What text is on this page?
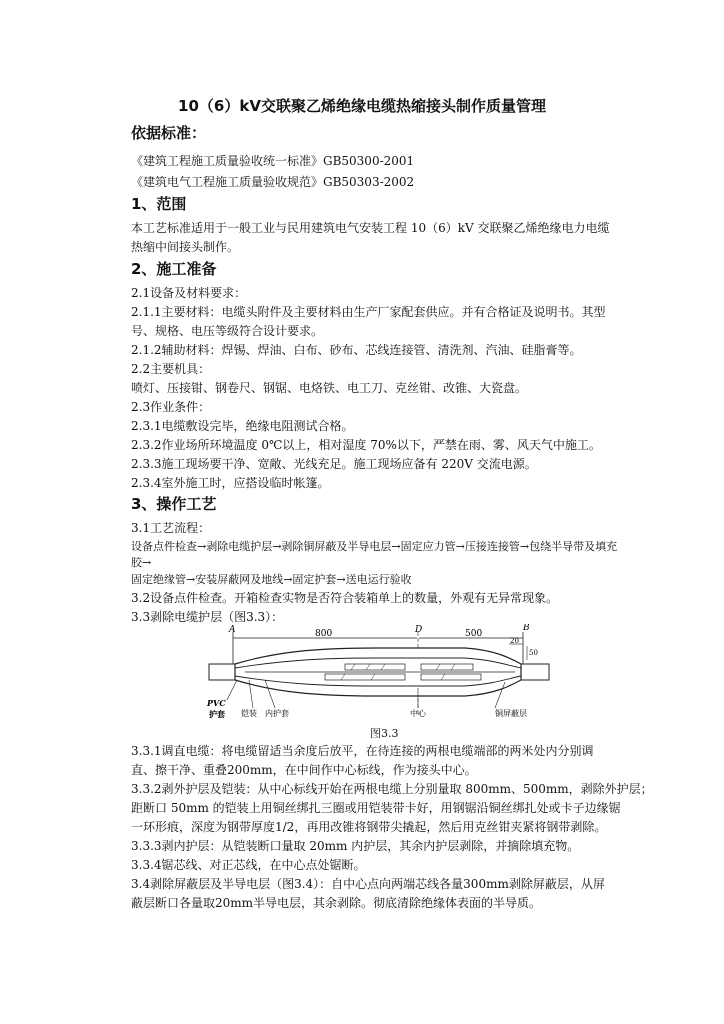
10（6）kV交联聚乙烯绝缘电缆热缩接头制作质量管理
依据标准：
《建筑工程施工质量验收统一标准》GB50300-2001
《建筑电气工程施工质量验收规范》GB50303-2002
1、范围
本工艺标准适用于一般工业与民用建筑电气安装工程 10（6）kV 交联聚乙烯绝缘电力电缆
热缩中间接头制作。
2、施工准备
2.1设备及材料要求：
2.1.1主要材料：电缆头附件及主要材料由生产厂家配套供应。并有合格证及说明书。其型
号、规格、电压等级符合设计要求。
2.1.2辅助材料：焊锡、焊油、白布、砂布、芯线连接管、清洗剂、汽油、硅脂膏等。
2.2主要机具：
喷灯、压接钳、钢卷尺、钢锯、电烙铁、电工刀、克丝钳、改锥、大瓷盘。
2.3作业条件：
2.3.1电缆敷设完毕，绝缘电阻测试合格。
2.3.2作业场所环境温度 0℃以上，相对湿度 70%以下，严禁在雨、雾、风天气中施工。
2.3.3施工现场要干净、宽敞、光线充足。施工现场应备有 220V 交流电源。
2.3.4室外施工时，应搭设临时帐篷。
3、操作工艺
3.1工艺流程：
设备点件检查→剥除电缆护层→剥除铜屏蔽及半导电层→固定应力管→压接连接管→包绕半导带及填充
胶→
固定绝缘管→安装屏蔽网及地线→固定护套→送电运行验收
3.2设备点件检查。开箱检查实物是否符合装箱单上的数量，外观有无异常现象。
3.3剥除电缆护层（图3.3）：
800	500
20
50
A	D	B
PVC
护套 铠装 内护套	中心	铜屏蔽层
图3.3
3.3.1调直电缆：将电缆留适当余度后放平，在待连接的两根电缆端部的两米处内分别调
直、擦干净、重叠200mm，在中间作中心标线，作为接头中心。
3.3.2剥外护层及铠装：从中心标线开始在两根电缆上分别量取 800mm、500mm，剥除外护层；
距断口 50mm 的铠装上用铜丝绑扎三圈或用铠装带卡好，用钢锯沿铜丝绑扎处或卡子边缘锯
一环形痕，深度为钢带厚度1/2，再用改锥将钢带尖撬起，然后用克丝钳夹紧将钢带剥除。
3.3.3剥内护层：从铠装断口量取 20mm 内护层，其余内护层剥除，并摘除填充物。
3.3.4锯芯线、对正芯线，在中心点处锯断。
3.4剥除屏蔽层及半导电层（图3.4）：自中心点向两端芯线各量300mm剥除屏蔽层，从屏
蔽层断口各量取20mm半导电层，其余剥除。彻底清除绝缘体表面的半导质。
